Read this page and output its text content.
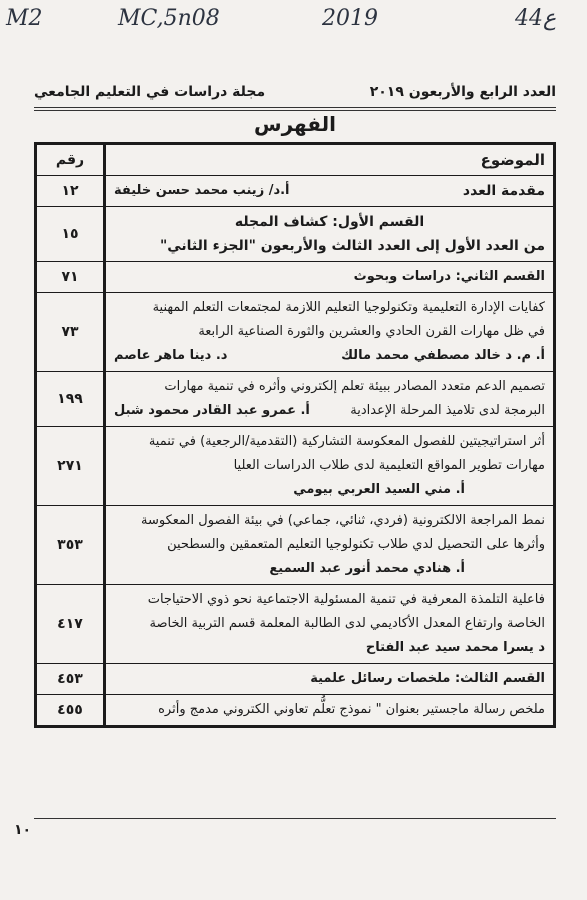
M2	MC,5n08	2019	44ع
مجلة دراسات في التعليم الجامعي	العدد الرابع والأربعون ٢٠١٩
الفهرس
الموضوع	رقم

مقدمة العدد
أ.د/ زينب محمد حسن خليفة	١٢

القسم الأول: كشاف المجله
من العدد الأول إلى العدد الثالث والأربعون "الجزء الثاني"	١٥
القسم الثاني: دراسات وبحوث	٧١

كفايات الإدارة التعليمية وتكنولوجيا التعليم اللازمة لمجتمعات التعلم المهنية
في ظل مهارات القرن الحادي والعشرين والثورة الصناعية الرابعة
أ. م. د خالد مصطفي محمد مالك
د. دينا ماهر عاصم	٧٣

تصميم الدعم متعدد المصادر ببيئة تعلم إلكتروني وأثره في تنمية مهارات
البرمجة لدى تلاميذ المرحلة الإعدادية
أ. عمرو عبد القادر محمود شبل	١٩٩

أثر استراتيجيتين للفصول المعكوسة التشاركية (التقدمية/الرجعية) في تنمية
مهارات تطوير المواقع التعليمية لدى طلاب الدراسات العليا
أ. مني السيد العربي بيومي	٢٧١

نمط المراجعة الالكترونية (فردي، ثنائي، جماعي) في بيئة الفصول المعكوسة
وأثرها على التحصيل لدي طلاب تكنولوجيا التعليم المتعمقين والسطحين
أ. هنادي محمد أنور عبد السميع	٣٥٣

فاعلية التلمذة المعرفية في تنمية المسئولية الاجتماعية نحو ذوي الاحتياجات
الخاصة وارتفاع المعدل الأكاديمي لدى الطالبة المعلمة قسم التربية الخاصة
د يسرا محمد سيد عبد الفتاح	٤١٧
القسم الثالث: ملخصات رسائل علمية	٤٥٣
ملخص رسالة ماجستير بعنوان " نموذج تعلُّم تعاوني الكتروني مدمج وأثره	٤٥٥
١٠
